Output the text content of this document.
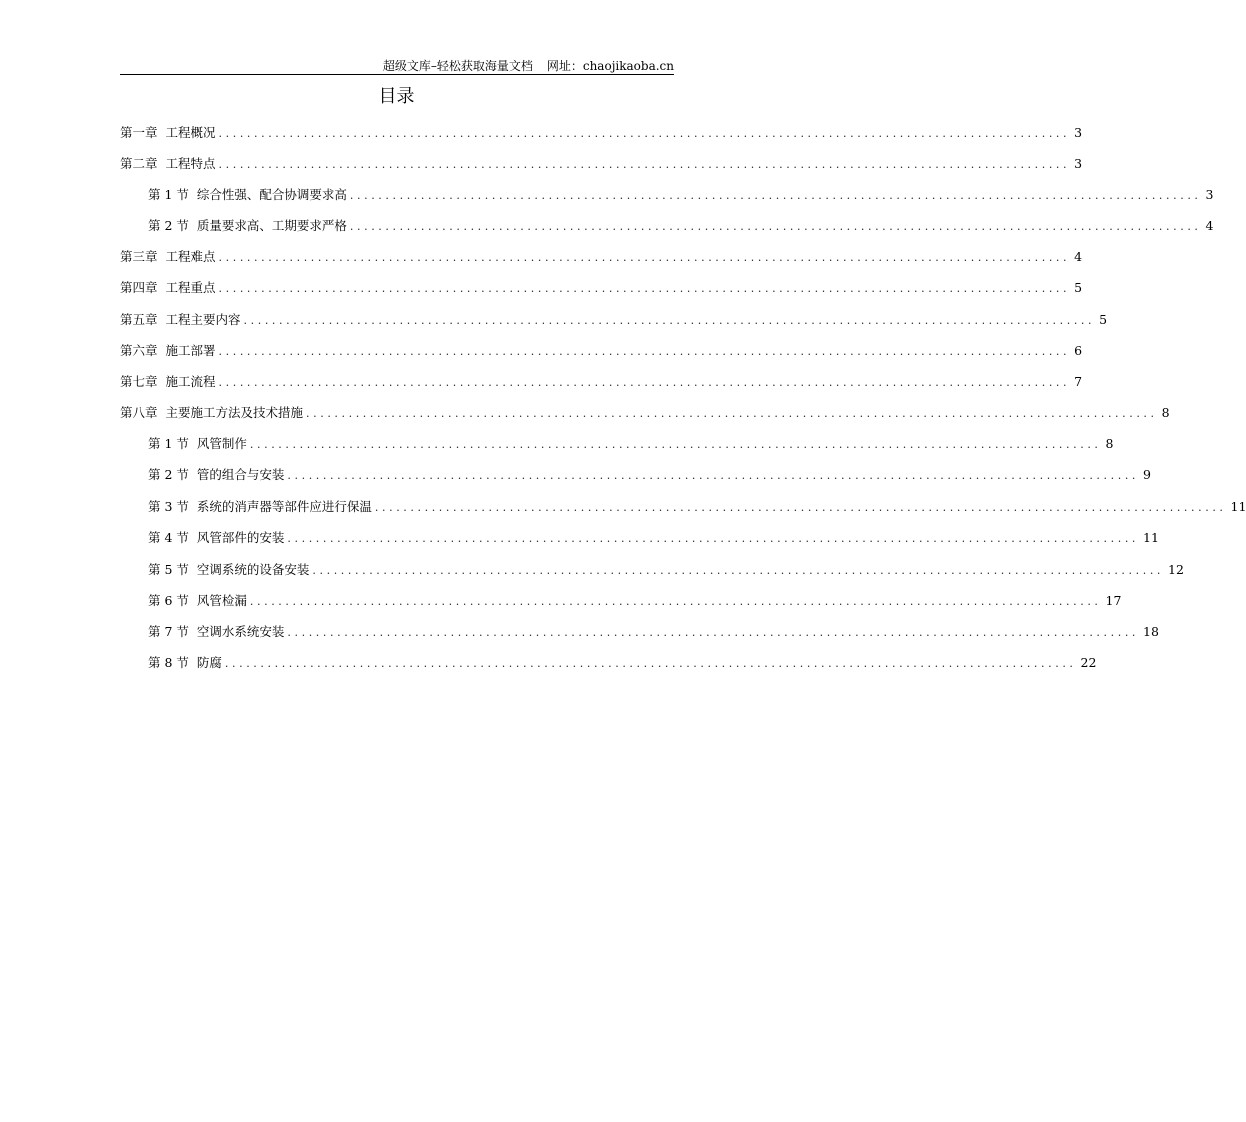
超级文库–轻松获取海量文档 网址：chaojikaoba.cn
目录
第一章 工程概况 ........................................................................................................................ 3
第二章 工程特点 ........................................................................................................................ 3
第 1 节 综合性强、配合协调要求高 ........................................................................................................................ 3
第 2 节 质量要求高、工期要求严格 ........................................................................................................................ 4
第三章 工程难点 ........................................................................................................................ 4
第四章 工程重点 ........................................................................................................................ 5
第五章 工程主要内容 ........................................................................................................................ 5
第六章 施工部署 ........................................................................................................................ 6
第七章 施工流程 ........................................................................................................................ 7
第八章 主要施工方法及技术措施 ........................................................................................................................ 8
第 1 节 风管制作 ........................................................................................................................ 8
第 2 节 管的组合与安装 ........................................................................................................................ 9
第 3 节 系统的消声器等部件应进行保温 ........................................................................................................................ 11
第 4 节 风管部件的安装 ........................................................................................................................ 11
第 5 节 空调系统的设备安装 ........................................................................................................................ 12
第 6 节 风管检漏 ........................................................................................................................ 17
第 7 节 空调水系统安装 ........................................................................................................................ 18
第 8 节 防腐 ........................................................................................................................ 22
